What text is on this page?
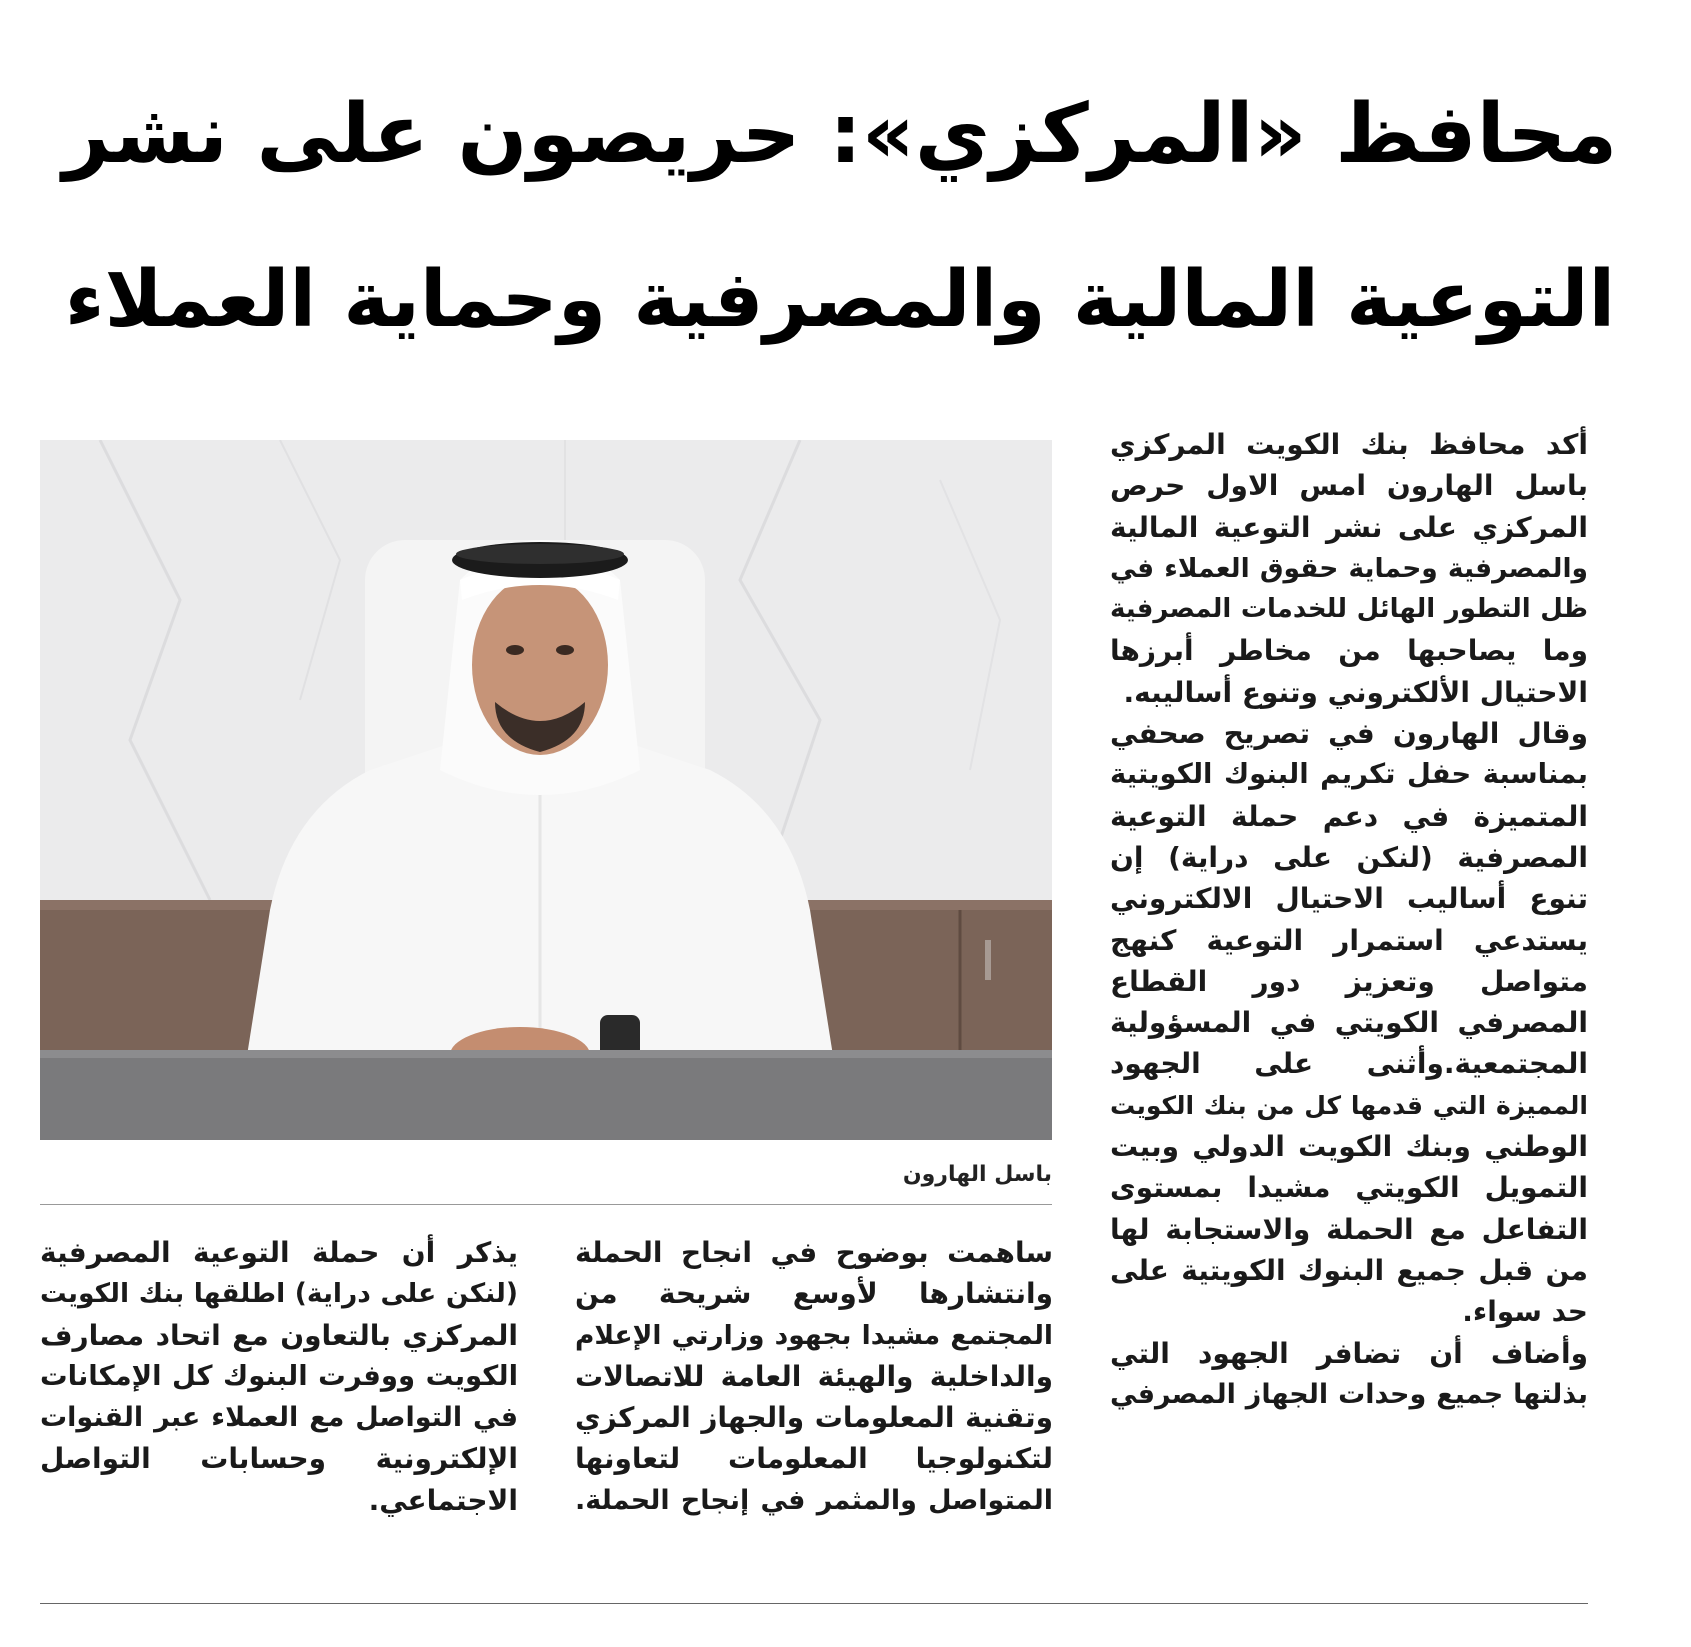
محافظ «المركزي»: حريصون على نشر
التوعية المالية والمصرفية وحماية العملاء
أكد محافظ بنك الكويت المركزي
باسل الهارون امس الاول حرص
المركزي على نشر التوعية المالية
والمصرفية وحماية حقوق العملاء في
ظل التطور الهائل للخدمات المصرفية
وما يصاحبها من مخاطر أبرزها
الاحتيال الألكتروني وتنوع أساليبه.
وقال الهارون في تصريح صحفي
بمناسبة حفل تكريم البنوك الكويتية
المتميزة في دعم حملة التوعية
المصرفية (لنكن على دراية) إن
تنوع أساليب الاحتيال الالكتروني
يستدعي استمرار التوعية كنهج
متواصل وتعزيز دور القطاع
المصرفي الكويتي في المسؤولية
المجتمعية.وأثنى على الجهود
المميزة التي قدمها كل من بنك الكويت
الوطني وبنك الكويت الدولي وبيت
التمويل الكويتي مشيدا بمستوى
التفاعل مع الحملة والاستجابة لها
من قبل جميع البنوك الكويتية على
حد سواء.
وأضاف أن تضافر الجهود التي
بذلتها جميع وحدات الجهاز المصرفي
باسل الهارون
ساهمت بوضوح في انجاح الحملة
وانتشارها لأوسع شريحة من
المجتمع مشيدا بجهود وزارتي الإعلام
والداخلية والهيئة العامة للاتصالات
وتقنية المعلومات والجهاز المركزي
لتكنولوجيا المعلومات لتعاونها
المتواصل والمثمر في إنجاح الحملة.
يذكر أن حملة التوعية المصرفية
(لنكن على دراية) اطلقها بنك الكويت
المركزي بالتعاون مع اتحاد مصارف
الكويت ووفرت البنوك كل الإمكانات
في التواصل مع العملاء عبر القنوات
الإلكترونية وحسابات التواصل
الاجتماعي.
